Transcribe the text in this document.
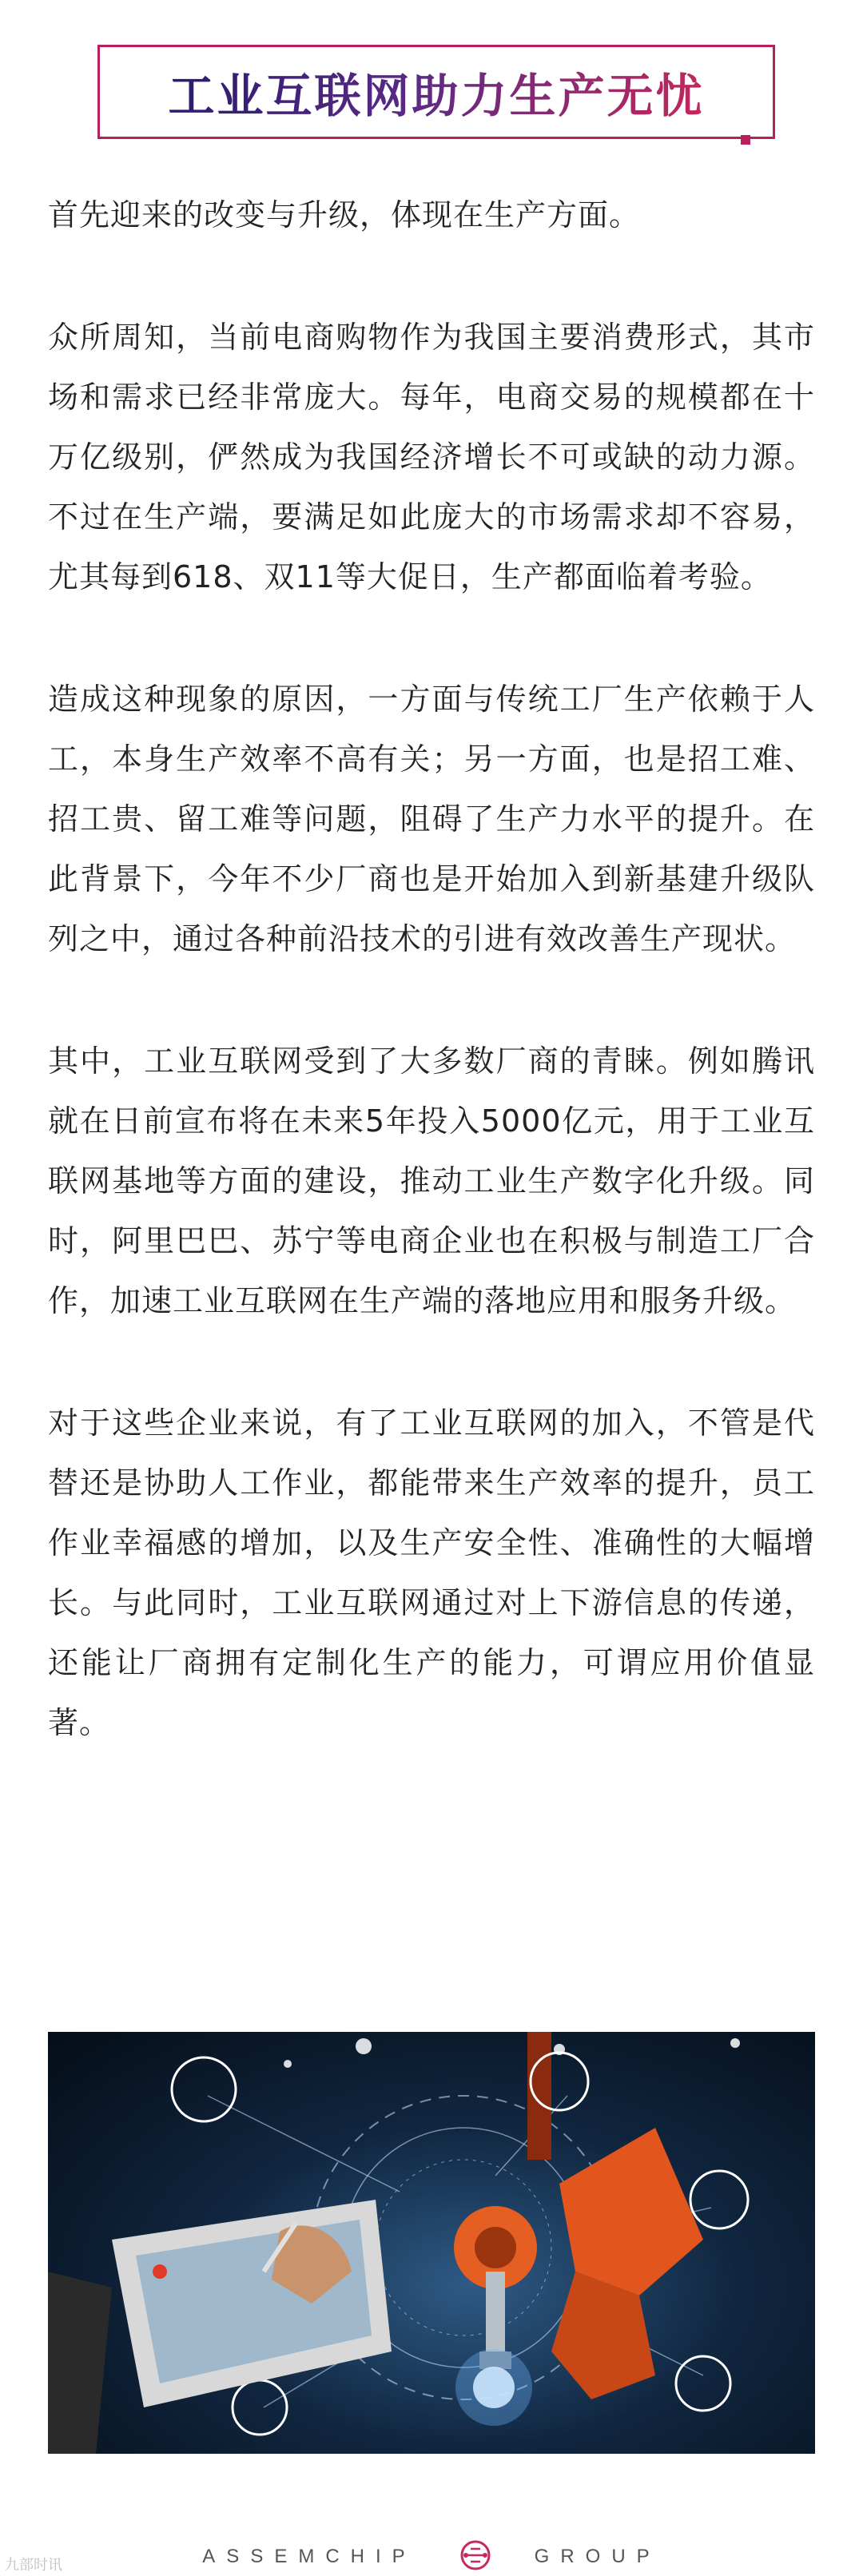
工业互联网助力生产无忧

首先迎来的改变与升级，体现在生产方面。

众所周知，当前电商购物作为我国主要消费形式，其市场和需求已经非常庞大。每年，电商交易的规模都在十万亿级别，俨然成为我国经济增长不可或缺的动力源。不过在生产端，要满足如此庞大的市场需求却不容易，尤其每到618、双11等大促日，生产都面临着考验。

造成这种现象的原因，一方面与传统工厂生产依赖于人工，本身生产效率不高有关；另一方面，也是招工难、招工贵、留工难等问题，阻碍了生产力水平的提升。在此背景下，今年不少厂商也是开始加入到新基建升级队列之中，通过各种前沿技术的引进有效改善生产现状。

其中，工业互联网受到了大多数厂商的青睐。例如腾讯就在日前宣布将在未来5年投入5000亿元，用于工业互联网基地等方面的建设，推动工业生产数字化升级。同时，阿里巴巴、苏宁等电商企业也在积极与制造工厂合作，加速工业互联网在生产端的落地应用和服务升级。

对于这些企业来说，有了工业互联网的加入，不管是代替还是协助人工作业，都能带来生产效率的提升，员工作业幸福感的增加，以及生产安全性、准确性的大幅增长。与此同时，工业互联网通过对上下游信息的传递，还能让厂商拥有定制化生产的能力，可谓应用价值显著。

ASSEMCHIP	GROUP
九部时讯
